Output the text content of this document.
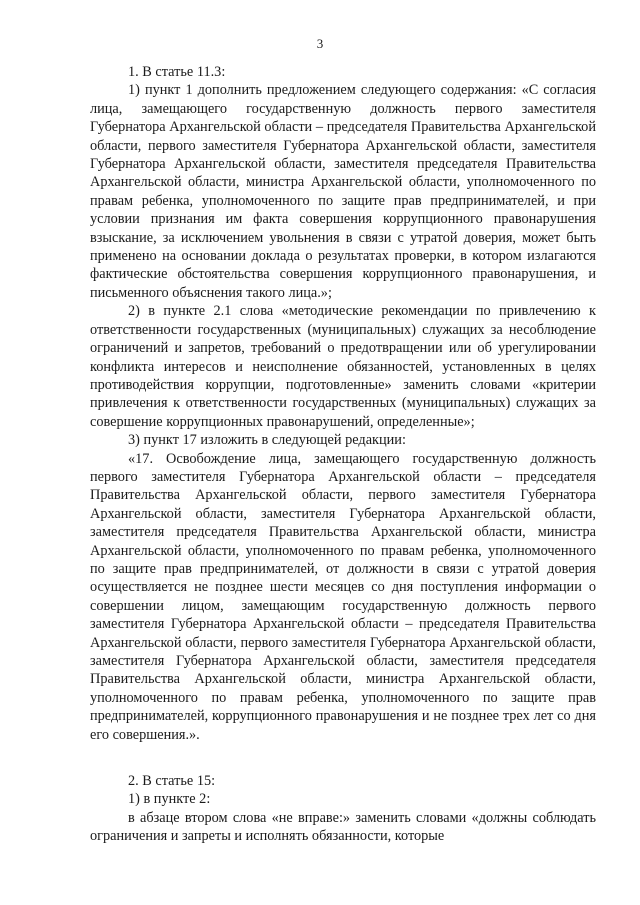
3

1. В статье 11.3:

1) пункт 1 дополнить предложением следующего содержания: «С согласия лица, замещающего государственную должность первого заместителя Губернатора Архангельской области – председателя Правительства Архангельской области, первого заместителя Губернатора Архангельской области, заместителя Губернатора Архангельской области, заместителя председателя Правительства Архангельской области, министра Архангельской области, уполномоченного по правам ребенка, уполномоченного по защите прав предпринимателей, и при условии признания им факта совершения коррупционного правонарушения взыскание, за исключением увольнения в связи с утратой доверия, может быть применено на основании доклада о результатах проверки, в котором излагаются фактические обстоятельства совершения коррупционного правонарушения, и письменного объяснения такого лица.»;

2) в пункте 2.1 слова «методические рекомендации по привлечению к ответственности государственных (муниципальных) служащих за несоблюдение ограничений и запретов, требований о предотвращении или об урегулировании конфликта интересов и неисполнение обязанностей, установленных в целях противодействия коррупции, подготовленные» заменить словами «критерии привлечения к ответственности государственных (муниципальных) служащих за совершение коррупционных правонарушений, определенные»;

3) пункт 17 изложить в следующей редакции:

«17. Освобождение лица, замещающего государственную должность первого заместителя Губернатора Архангельской области – председателя Правительства Архангельской области, первого заместителя Губернатора Архангельской области, заместителя Губернатора Архангельской области, заместителя председателя Правительства Архангельской области, министра Архангельской области, уполномоченного по правам ребенка, уполномоченного по защите прав предпринимателей, от должности в связи с утратой доверия осуществляется не позднее шести месяцев со дня поступления информации о совершении лицом, замещающим государственную должность первого заместителя Губернатора Архангельской области – председателя Правительства Архангельской области, первого заместителя Губернатора Архангельской области, заместителя Губернатора Архангельской области, заместителя председателя Правительства Архангельской области, министра Архангельской области, уполномоченного по правам ребенка, уполномоченного по защите прав предпринимателей, коррупционного правонарушения и не позднее трех лет со дня его совершения.».

2. В статье 15:

1) в пункте 2:

в абзаце втором слова «не вправе:» заменить словами «должны соблюдать ограничения и запреты и исполнять обязанности, которые
